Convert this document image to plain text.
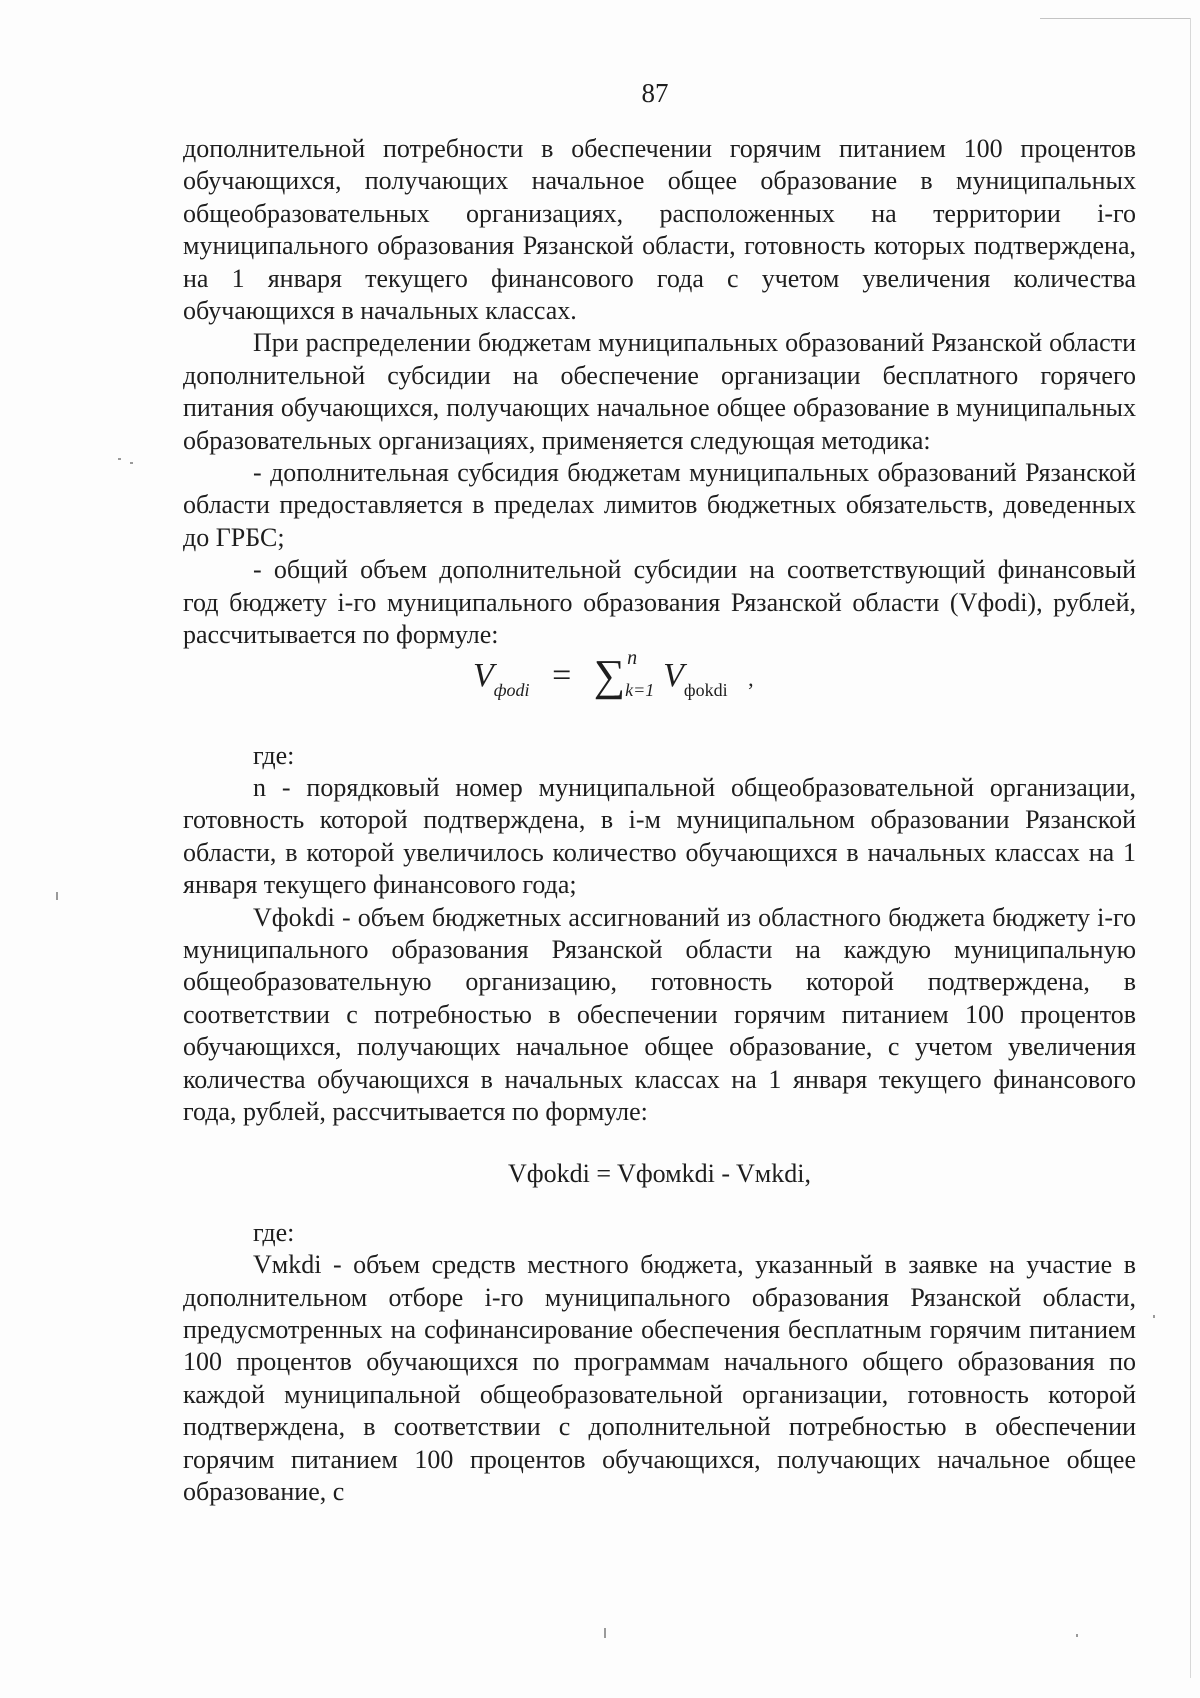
87

дополнительной потребности в обеспечении горячим питанием 100 процентов обучающихся, получающих начальное общее образование в муниципальных общеобразовательных организациях, расположенных на территории i-го муниципального образования Рязанской области, готовность которых подтверждена, на 1 января текущего финансового года с учетом увеличения количества обучающихся в начальных классах.

При распределении бюджетам муниципальных образований Рязанской области дополнительной субсидии на обеспечение организации бесплатного горячего питания обучающихся, получающих начальное общее образование в муниципальных образовательных организациях, применяется следующая методика:

- дополнительная субсидия бюджетам муниципальных образований Рязанской области предоставляется в пределах лимитов бюджетных обязательств, доведенных до ГРБС;

- общий объем дополнительной субсидии на соответствующий финансовый год бюджету i-го муниципального образования Рязанской области (Vфodi), рублей, рассчитывается по формуле:

$V_{фodi}$ = ∑ n
k=1 $V_{фokdi}$ ,

где:

n - порядковый номер муниципальной общеобразовательной организации, готовность которой подтверждена, в i-м муниципальном образовании Рязанской области, в которой увеличилось количество обучающихся в начальных классах на 1 января текущего финансового года;

Vфokdi - объем бюджетных ассигнований из областного бюджета бюджету i-го муниципального образования Рязанской области на каждую муниципальную общеобразовательную организацию, готовность которой подтверждена, в соответствии с потребностью в обеспечении горячим питанием 100 процентов обучающихся, получающих начальное общее образование, с учетом увеличения количества обучающихся в начальных классах на 1 января текущего финансового года, рублей, рассчитывается по формуле:

Vфokdi = Vфомkdi - Vмkdi,

где:

Vмkdi - объем средств местного бюджета, указанный в заявке на участие в дополнительном отборе i-го муниципального образования Рязанской области, предусмотренных на софинансирование обеспечения бесплатным горячим питанием 100 процентов обучающихся по программам начального общего образования по каждой муниципальной общеобразовательной организации, готовность которой подтверждена, в соответствии с дополнительной потребностью в обеспечении горячим питанием 100 процентов обучающихся, получающих начальное общее образование, с
